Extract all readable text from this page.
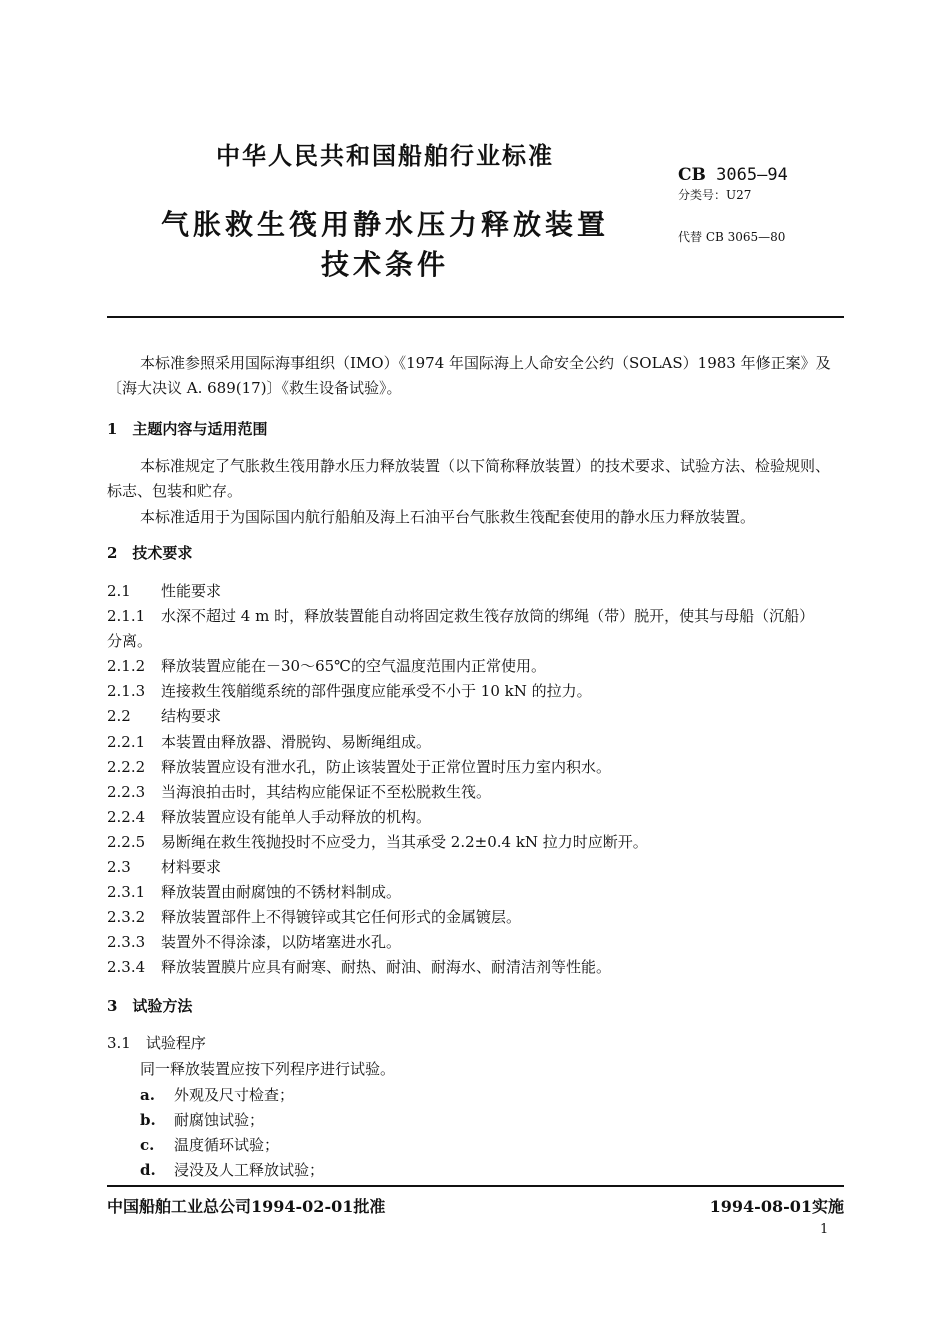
中华人民共和国船舶行业标准
CB 3065—94
分类号：U27
代替 CB 3065—80
气胀救生筏用静水压力释放装置
技术条件
本标准参照采用国际海事组织（IMO）《1974 年国际海上人命安全公约（SOLAS）1983 年修正案》及〔海大决议 A. 689(17)〕《救生设备试验》。
1　主题内容与适用范围
本标准规定了气胀救生筏用静水压力释放装置（以下简称释放装置）的技术要求、试验方法、检验规则、标志、包装和贮存。
本标准适用于为国际国内航行船舶及海上石油平台气胀救生筏配套使用的静水压力释放装置。
2　技术要求
2.1 性能要求
2.1.1 水深不超过 4 m 时，释放装置能自动将固定救生筏存放筒的绑绳（带）脱开，使其与母船（沉船）
分离。
2.1.2 释放装置应能在－30～65℃的空气温度范围内正常使用。
2.1.3 连接救生筏艏缆系统的部件强度应能承受不小于 10 kN 的拉力。
2.2 结构要求
2.2.1 本装置由释放器、滑脱钩、易断绳组成。
2.2.2 释放装置应设有泄水孔，防止该装置处于正常位置时压力室内积水。
2.2.3 当海浪拍击时，其结构应能保证不至松脱救生筏。
2.2.4 释放装置应设有能单人手动释放的机构。
2.2.5 易断绳在救生筏抛投时不应受力，当其承受 2.2±0.4 kN 拉力时应断开。
2.3 材料要求
2.3.1 释放装置由耐腐蚀的不锈材料制成。
2.3.2 释放装置部件上不得镀锌或其它任何形式的金属镀层。
2.3.3 装置外不得涂漆，以防堵塞进水孔。
2.3.4 释放装置膜片应具有耐寒、耐热、耐油、耐海水、耐清洁剂等性能。
3　试验方法
3.1　试验程序
同一释放装置应按下列程序进行试验。
a. 外观及尺寸检查；
b. 耐腐蚀试验；
c. 温度循环试验；
d. 浸没及人工释放试验；
中国船舶工业总公司1994-02-01批准	1994-08-01实施
1
